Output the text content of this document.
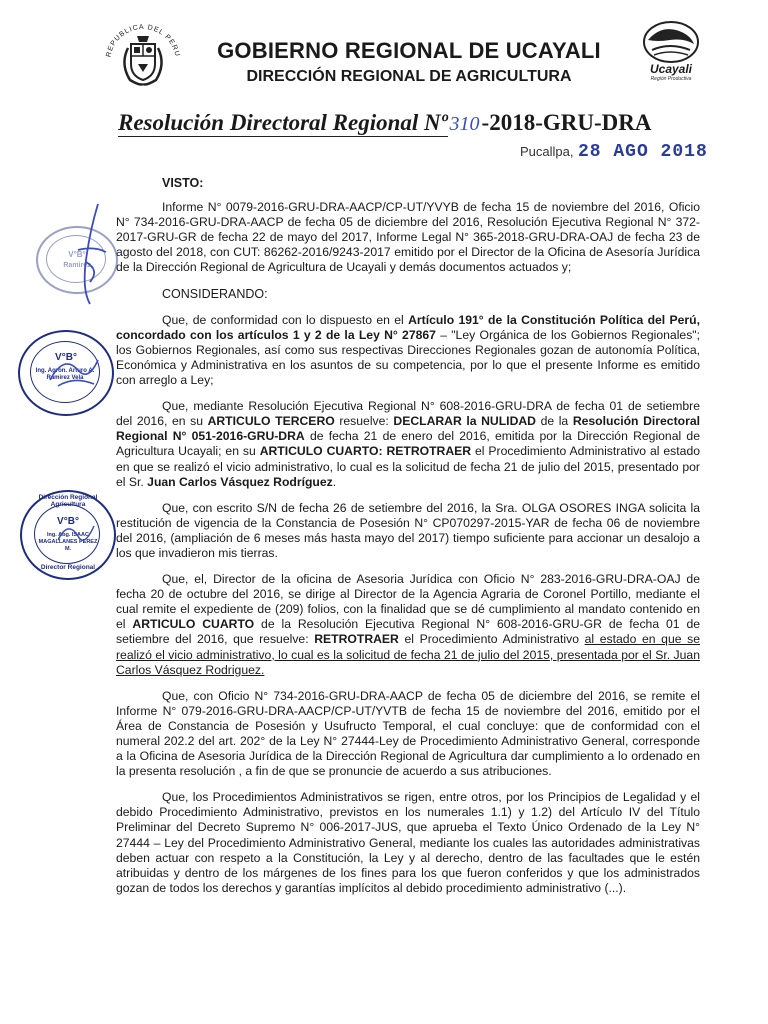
REPUBLICA DEL PERU	GOBIERNO REGIONAL DE UCAYALI
DIRECCIÓN REGIONAL DE AGRICULTURA	Ucayali
Región Productiva
Resolución Directoral Regional Nº 310-2018-GRU-DRA
Pucallpa, 28 AGO 2018
VISTO:

Informe N° 0079-2016-GRU-DRA-AACP/CP-UT/YVYB de fecha 15 de noviembre del 2016, Oficio N° 734-2016-GRU-DRA-AACP de fecha 05 de diciembre del 2016, Resolución Ejecutiva Regional N° 372-2017-GRU-GR de fecha 22 de mayo del 2017, Informe Legal N° 365-2018-GRU-DRA-OAJ de fecha 23 de agosto del 2018, con CUT: 86262-2016/9243-2017 emitido por el Director de la Oficina de Asesoría Jurídica de la Dirección Regional de Agricultura de Ucayali y demás documentos actuados y;

CONSIDERANDO:

Que, de conformidad con lo dispuesto en el Artículo 191° de la Constitución Política del Perú, concordado con los artículos 1 y 2 de la Ley N° 27867 – "Ley Orgánica de los Gobiernos Regionales"; los Gobiernos Regionales, así como sus respectivas Direcciones Regionales gozan de autonomía Política, Económica y Administrativa en los asuntos de su competencia, por lo que el presente Informe es emitido con arreglo a Ley;

Que, mediante Resolución Ejecutiva Regional N° 608-2016-GRU-DRA de fecha 01 de setiembre del 2016, en su ARTICULO TERCERO resuelve: DECLARAR la NULIDAD de la Resolución Directoral Regional N° 051-2016-GRU-DRA de fecha 21 de enero del 2016, emitida por la Dirección Regional de Agricultura Ucayali; en su ARTICULO CUARTO: RETROTRAER el Procedimiento Administrativo al estado en que se realizó el vicio administrativo, lo cual es la solicitud de fecha 21 de julio del 2015, presentado por el Sr. Juan Carlos Vásquez Rodríguez.

Que, con escrito S/N de fecha 26 de setiembre del 2016, la Sra. OLGA OSORES INGA solicita la restitución de vigencia de la Constancia de Posesión N° CP070297-2015-YAR de fecha 06 de noviembre del 2016, (ampliación de 6 meses más hasta mayo del 2017) tiempo suficiente para accionar un desalojo a los que invadieron mis tierras.

Que, el, Director de la oficina de Asesoria Jurídica con Oficio N° 283-2016-GRU-DRA-OAJ de fecha 20 de octubre del 2016, se dirige al Director de la Agencia Agraria de Coronel Portillo, mediante el cual remite el expediente de (209) folios, con la finalidad que se dé cumplimiento al mandato contenido en el ARTICULO CUARTO de la Resolución Ejecutiva Regional N° 608-2016-GRU-GR de fecha 01 de setiembre del 2016, que resuelve: RETROTRAER el Procedimiento Administrativo al estado en que se realizó el vicio administrativo, lo cual es la solicitud de fecha 21 de julio del 2015, presentada por el Sr. Juan Carlos Vásquez Rodriguez.

Que, con Oficio N° 734-2016-GRU-DRA-AACP de fecha 05 de diciembre del 2016, se remite el Informe N° 079-2016-GRU-DRA-AACP/CP-UT/YVTB de fecha 15 de noviembre del 2016, emitido por el Área de Constancia de Posesión y Usufructo Temporal, el cual concluye: que de conformidad con el numeral 202.2 del art. 202° de la Ley N° 27444-Ley de Procedimiento Administrativo General, corresponde a la Oficina de Asesoria Jurídica de la Dirección Regional de Agricultura dar cumplimiento a lo ordenado en la presenta resolución , a fin de que se pronuncie de acuerdo a sus atribuciones.

Que, los Procedimientos Administrativos se rigen, entre otros, por los Principios de Legalidad y el debido Procedimiento Administrativo, previstos en los numerales 1.1) y 1.2) del Artículo IV del Título Preliminar del Decreto Supremo N° 006-2017-JUS, que aprueba el Texto Único Ordenado de la Ley N° 27444 – Ley del Procedimiento Administrativo General, mediante los cuales las autoridades administrativas deben actuar con respeto a la Constitución, la Ley y al derecho, dentro de las facultades que le estén atribuidas y dentro de los márgenes de los fines para los que fueron conferidos y que los administrados gozan de todos los derechos y garantías implícitos al debido procedimiento administrativo (...).

V°B°
Ramirez
V°B°
Ing. Agron. Arturo A. Ramirez Vela
Dirección Regional Agricultura
V°B°
Ing. Abg. ISAAC MAGALLANES PEREZ M.
Director Regional
